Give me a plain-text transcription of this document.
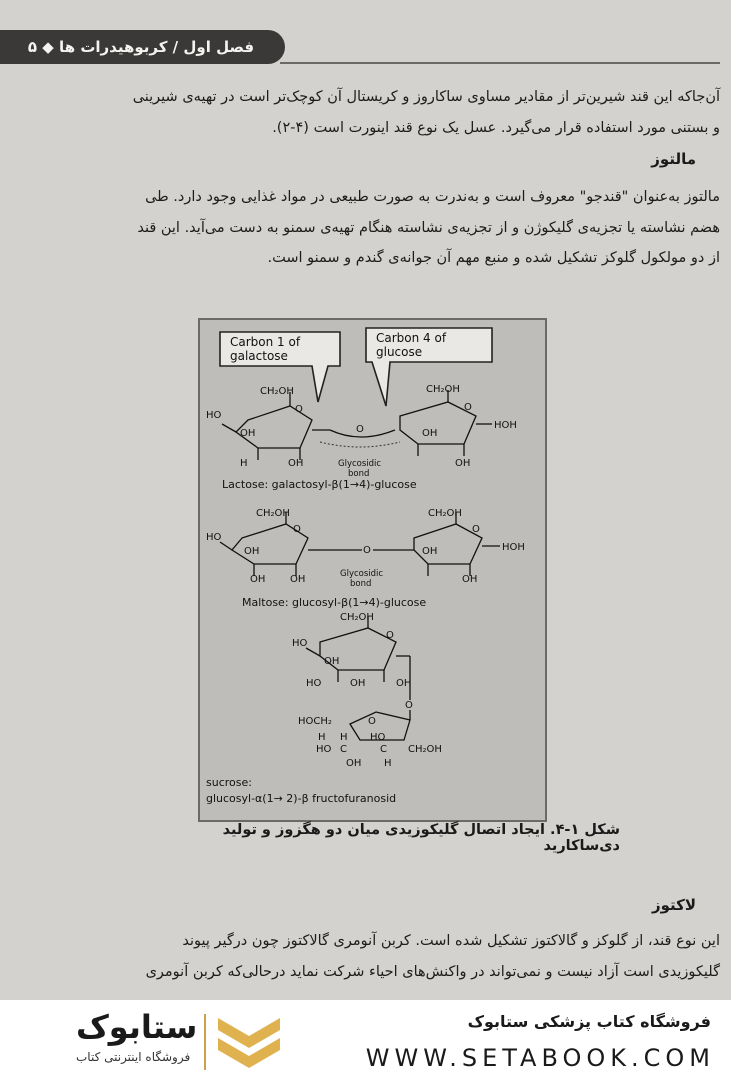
فصل اول / کربوهیدرات ها ◆ ۵

آن‌جاکه این قند شیرین‌تر از مقادیر مساوی ساکاروز و کریستال آن کوچک‌تر است در تهیه‌ی شیرینی

و بستنی مورد استفاده قرار می‌گیرد. عسل یک نوع قند اینورت است (۴-۲).

مالتوز

مالتوز به‌عنوان "قندجو" معروف است و به‌ندرت به صورت طبیعی در مواد غذایی وجود دارد. طی

هضم نشاسته یا تجزیه‌ی گلیکوژن و از تجزیه‌ی نشاسته هنگام تهیه‌ی سمنو به دست می‌آید. این قند

از دو مولکول گلوکز تشکیل شده و منبع مهم آن جوانه‌ی گندم و سمنو است.

Carbon 1 of
galactose
Carbon 4 of
glucose
CH₂OH
HO
OH
O
OH
H
O
Glycosidic
bond
CH₂OH
O
HOH
OH
OH
Lactose: galactosyl-β(1→4)-glucose
CH₂OH
HO
OH
O
OH
OH
O
Glycosidic
bond
CH₂OH
O
HOH
OH
OH
Maltose: glucosyl-β(1→4)-glucose
CH₂OH
HO
OH
O
HO	OH	OH
O
HOCH₂	O
H H HO
HO C	C CH₂OH
OH H
sucrose:
glucosyl-α(1→ 2)-β fructofuranosid
شکل ۱-۴. ایجاد اتصال گلیکوزیدی میان دو هگزوز و تولید دی‌ساکارید
لاکتوز

این نوع قند، از گلوکز و گالاکتوز تشکیل شده است. کربن آنومری گالاکتوز چون درگیر پیوند

گلیکوزیدی است آزاد نیست و نمی‌تواند در واکنش‌های احیاء شرکت نماید درحالی‌که کربن آنومری

ستابوک
فروشگاه اینترنتی کتاب
فروشگاه کتاب پزشکی ستابوک
WWW.SETABOOK.COM
